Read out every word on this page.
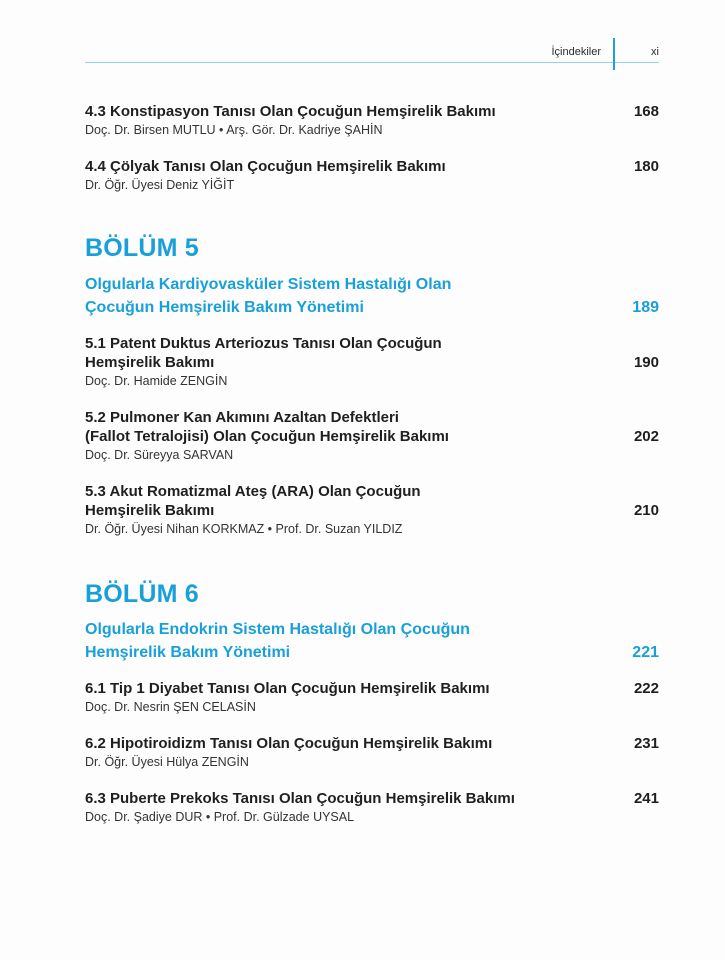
İçindekiler	xi
4.3 Konstipasyon Tanısı Olan Çocuğun Hemşirelik Bakımı	168
Doç. Dr. Birsen MUTLU • Arş. Gör. Dr. Kadriye ŞAHİN
4.4 Çölyak Tanısı Olan Çocuğun Hemşirelik Bakımı	180
Dr. Öğr. Üyesi Deniz YİĞİT
BÖLÜM 5
Olgularla Kardiyovasküler Sistem Hastalığı Olan
Çocuğun Hemşirelik Bakım Yönetimi	189
5.1 Patent Duktus Arteriozus Tanısı Olan Çocuğun
Hemşirelik Bakımı	190
Doç. Dr. Hamide ZENGİN
5.2 Pulmoner Kan Akımını Azaltan Defektleri
(Fallot Tetralojisi) Olan Çocuğun Hemşirelik Bakımı	202
Doç. Dr. Süreyya SARVAN
5.3 Akut Romatizmal Ateş (ARA) Olan Çocuğun
Hemşirelik Bakımı	210
Dr. Öğr. Üyesi Nihan KORKMAZ • Prof. Dr. Suzan YILDIZ
BÖLÜM 6
Olgularla Endokrin Sistem Hastalığı Olan Çocuğun
Hemşirelik Bakım Yönetimi	221
6.1 Tip 1 Diyabet Tanısı Olan Çocuğun Hemşirelik Bakımı	222
Doç. Dr. Nesrin ŞEN CELASİN
6.2 Hipotiroidizm Tanısı Olan Çocuğun Hemşirelik Bakımı	231
Dr. Öğr. Üyesi Hülya ZENGİN
6.3 Puberte Prekoks Tanısı Olan Çocuğun Hemşirelik Bakımı	241
Doç. Dr. Şadiye DUR • Prof. Dr. Gülzade UYSAL
